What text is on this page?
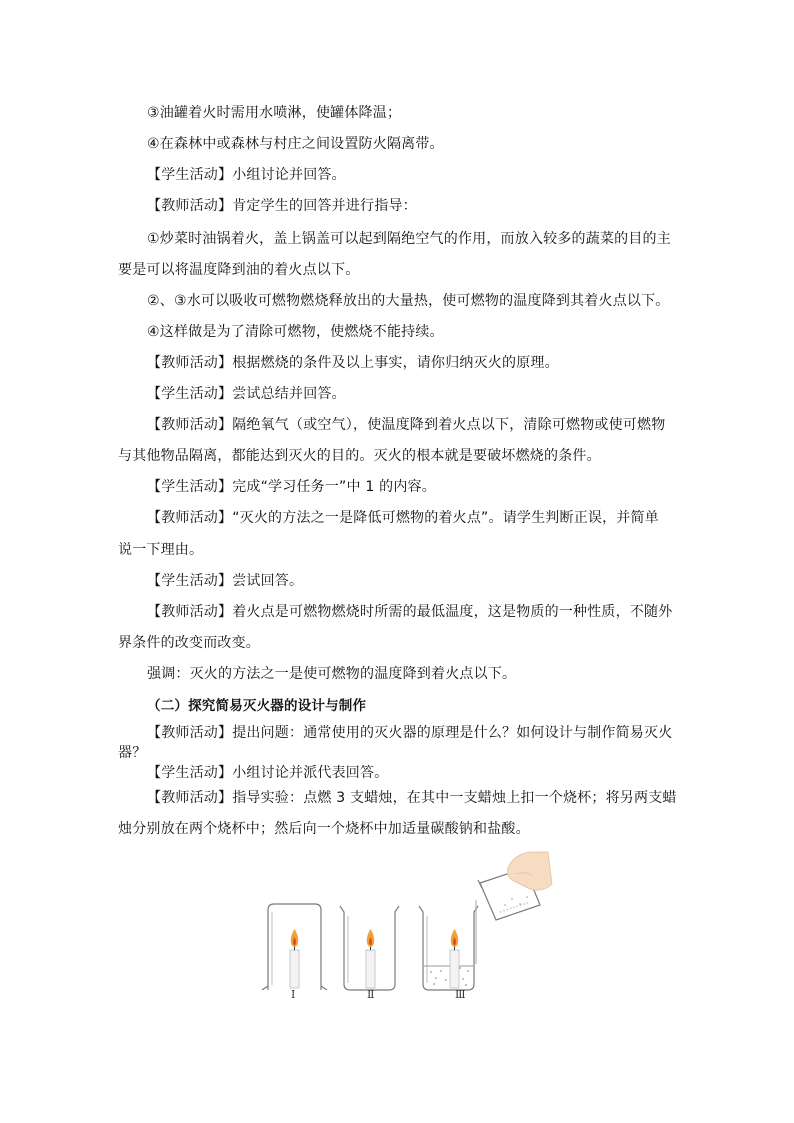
③油罐着火时需用水喷淋，使罐体降温；
④在森林中或森林与村庄之间设置防火隔离带。
【学生活动】小组讨论并回答。
【教师活动】肯定学生的回答并进行指导：
①炒菜时油锅着火，盖上锅盖可以起到隔绝空气的作用，而放入较多的蔬菜的目的主
要是可以将温度降到油的着火点以下。
②、③水可以吸收可燃物燃烧释放出的大量热，使可燃物的温度降到其着火点以下。
④这样做是为了清除可燃物，使燃烧不能持续。
【教师活动】根据燃烧的条件及以上事实，请你归纳灭火的原理。
【学生活动】尝试总结并回答。
【教师活动】隔绝氧气（或空气），使温度降到着火点以下，清除可燃物或使可燃物
与其他物品隔离，都能达到灭火的目的。灭火的根本就是要破坏燃烧的条件。
【学生活动】完成“学习任务一”中 1 的内容。
【教师活动】“灭火的方法之一是降低可燃物的着火点”。请学生判断正误，并简单
说一下理由。
【学生活动】尝试回答。
【教师活动】着火点是可燃物燃烧时所需的最低温度，这是物质的一种性质，不随外
界条件的改变而改变。
强调：灭火的方法之一是使可燃物的温度降到着火点以下。
（二）探究简易灭火器的设计与制作
【教师活动】提出问题：通常使用的灭火器的原理是什么？如何设计与制作简易灭火
器？
【学生活动】小组讨论并派代表回答。
【教师活动】指导实验：点燃 3 支蜡烛，在其中一支蜡烛上扣一个烧杯；将另两支蜡
烛分别放在两个烧杯中；然后向一个烧杯中加适量碳酸钠和盐酸。
Ⅰ	Ⅱ	Ⅲ
